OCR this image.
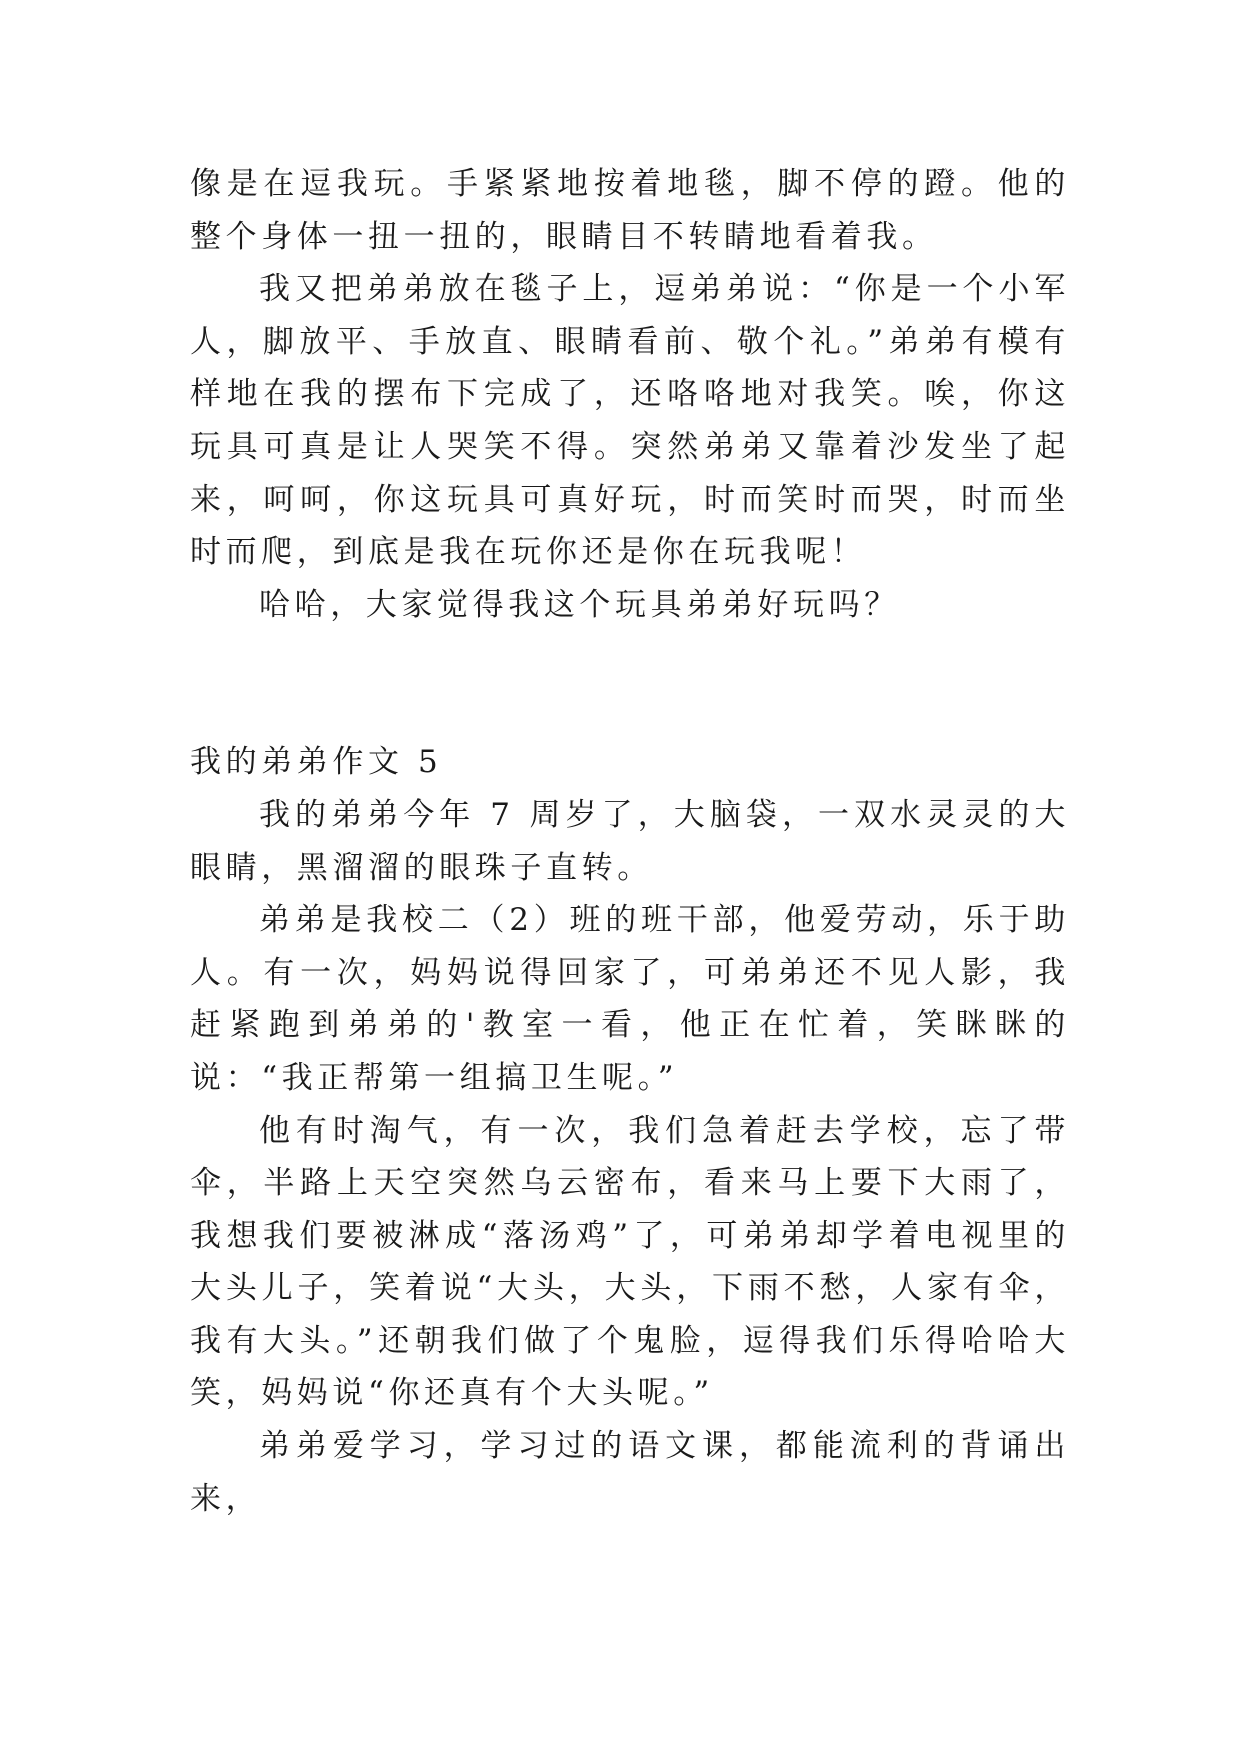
像是在逗我玩。手紧紧地按着地毯，脚不停的蹬。他的整个身体一扭一扭的，眼睛目不转睛地看着我。

我又把弟弟放在毯子上，逗弟弟说：“你是一个小军人，脚放平、手放直、眼睛看前、敬个礼。”弟弟有模有样地在我的摆布下完成了，还咯咯地对我笑。唉，你这玩具可真是让人哭笑不得。突然弟弟又靠着沙发坐了起来，呵呵，你这玩具可真好玩，时而笑时而哭，时而坐时而爬，到底是我在玩你还是你在玩我呢！

哈哈，大家觉得我这个玩具弟弟好玩吗？

我的弟弟作文 5

我的弟弟今年 7 周岁了，大脑袋，一双水灵灵的大眼睛，黑溜溜的眼珠子直转。

弟弟是我校二（2）班的班干部，他爱劳动，乐于助人。有一次，妈妈说得回家了，可弟弟还不见人影，我赶紧跑到弟弟的'教室一看，他正在忙着，笑眯眯的说：“我正帮第一组搞卫生呢。”

他有时淘气，有一次，我们急着赶去学校，忘了带伞，半路上天空突然乌云密布，看来马上要下大雨了，我想我们要被淋成“落汤鸡”了，可弟弟却学着电视里的大头儿子，笑着说“大头，大头，下雨不愁，人家有伞，我有大头。”还朝我们做了个鬼脸，逗得我们乐得哈哈大笑，妈妈说“你还真有个大头呢。”

弟弟爱学习，学习过的语文课，都能流利的背诵出来，
